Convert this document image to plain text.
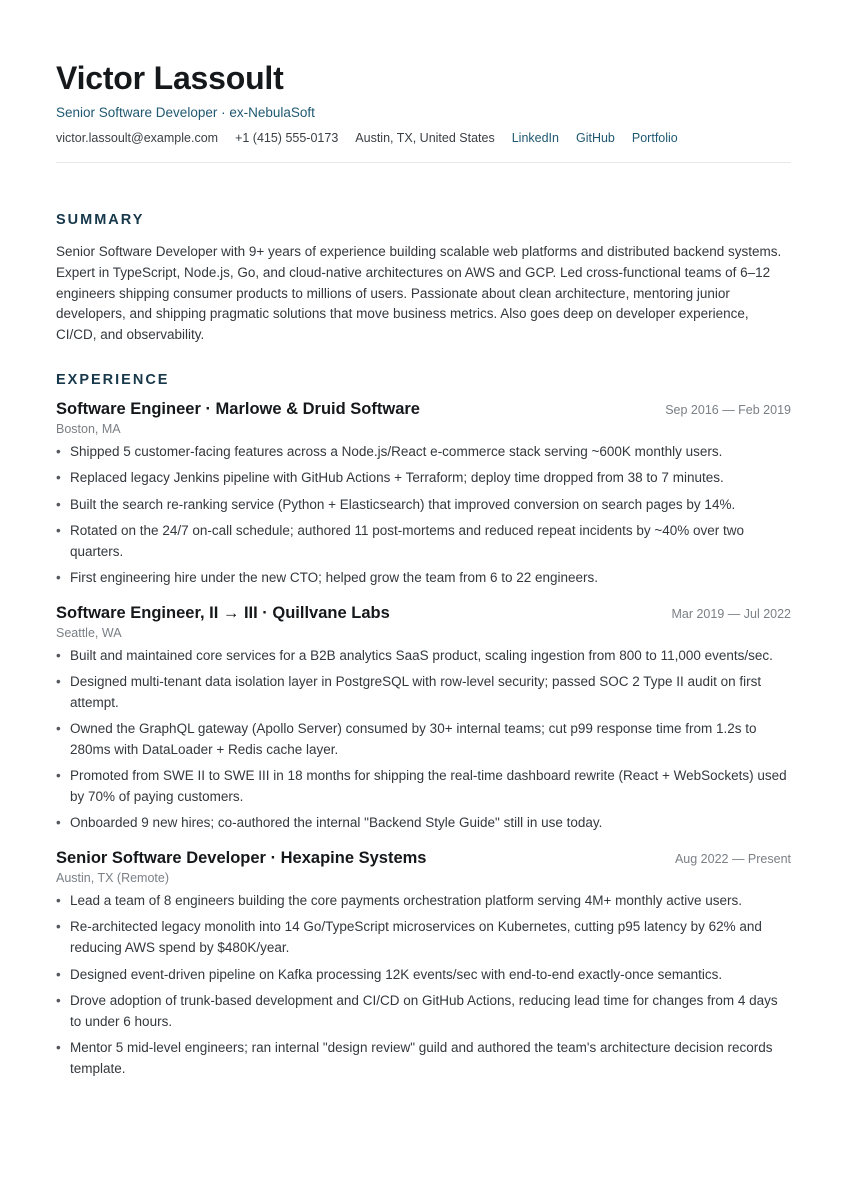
Victor Lassoult
Senior Software Developer · ex-NebulaSoft
victor.lassoult@example.com +1 (415) 555-0173 Austin, TX, United States LinkedIn GitHub Portfolio
SUMMARY

Senior Software Developer with 9+ years of experience building scalable web platforms and distributed backend systems. Expert in TypeScript, Node.js, Go, and cloud-native architectures on AWS and GCP. Led cross-functional teams of 6–12 engineers shipping consumer products to millions of users. Passionate about clean architecture, mentoring junior developers, and shipping pragmatic solutions that move business metrics. Also goes deep on developer experience, CI/CD, and observability.

EXPERIENCE
Software Engineer · Marlowe & Druid Software	Sep 2016 — Feb 2019
Boston, MA
• Shipped 5 customer-facing features across a Node.js/React e-commerce stack serving ~600K monthly users.
• Replaced legacy Jenkins pipeline with GitHub Actions + Terraform; deploy time dropped from 38 to 7 minutes.
• Built the search re-ranking service (Python + Elasticsearch) that improved conversion on search pages by 14%.
• Rotated on the 24/7 on-call schedule; authored 11 post-mortems and reduced repeat incidents by ~40% over two quarters.
• First engineering hire under the new CTO; helped grow the team from 6 to 22 engineers.
Software Engineer, II → III · Quillvane Labs	Mar 2019 — Jul 2022
Seattle, WA
• Built and maintained core services for a B2B analytics SaaS product, scaling ingestion from 800 to 11,000 events/sec.
• Designed multi-tenant data isolation layer in PostgreSQL with row-level security; passed SOC 2 Type II audit on first attempt.
• Owned the GraphQL gateway (Apollo Server) consumed by 30+ internal teams; cut p99 response time from 1.2s to 280ms with DataLoader + Redis cache layer.
• Promoted from SWE II to SWE III in 18 months for shipping the real-time dashboard rewrite (React + WebSockets) used by 70% of paying customers.
• Onboarded 9 new hires; co-authored the internal "Backend Style Guide" still in use today.
Senior Software Developer · Hexapine Systems	Aug 2022 — Present
Austin, TX (Remote)
• Lead a team of 8 engineers building the core payments orchestration platform serving 4M+ monthly active users.
• Re-architected legacy monolith into 14 Go/TypeScript microservices on Kubernetes, cutting p95 latency by 62% and reducing AWS spend by $480K/year.
• Designed event-driven pipeline on Kafka processing 12K events/sec with end-to-end exactly-once semantics.
• Drove adoption of trunk-based development and CI/CD on GitHub Actions, reducing lead time for changes from 4 days to under 6 hours.
• Mentor 5 mid-level engineers; ran internal "design review" guild and authored the team's architecture decision records template.
